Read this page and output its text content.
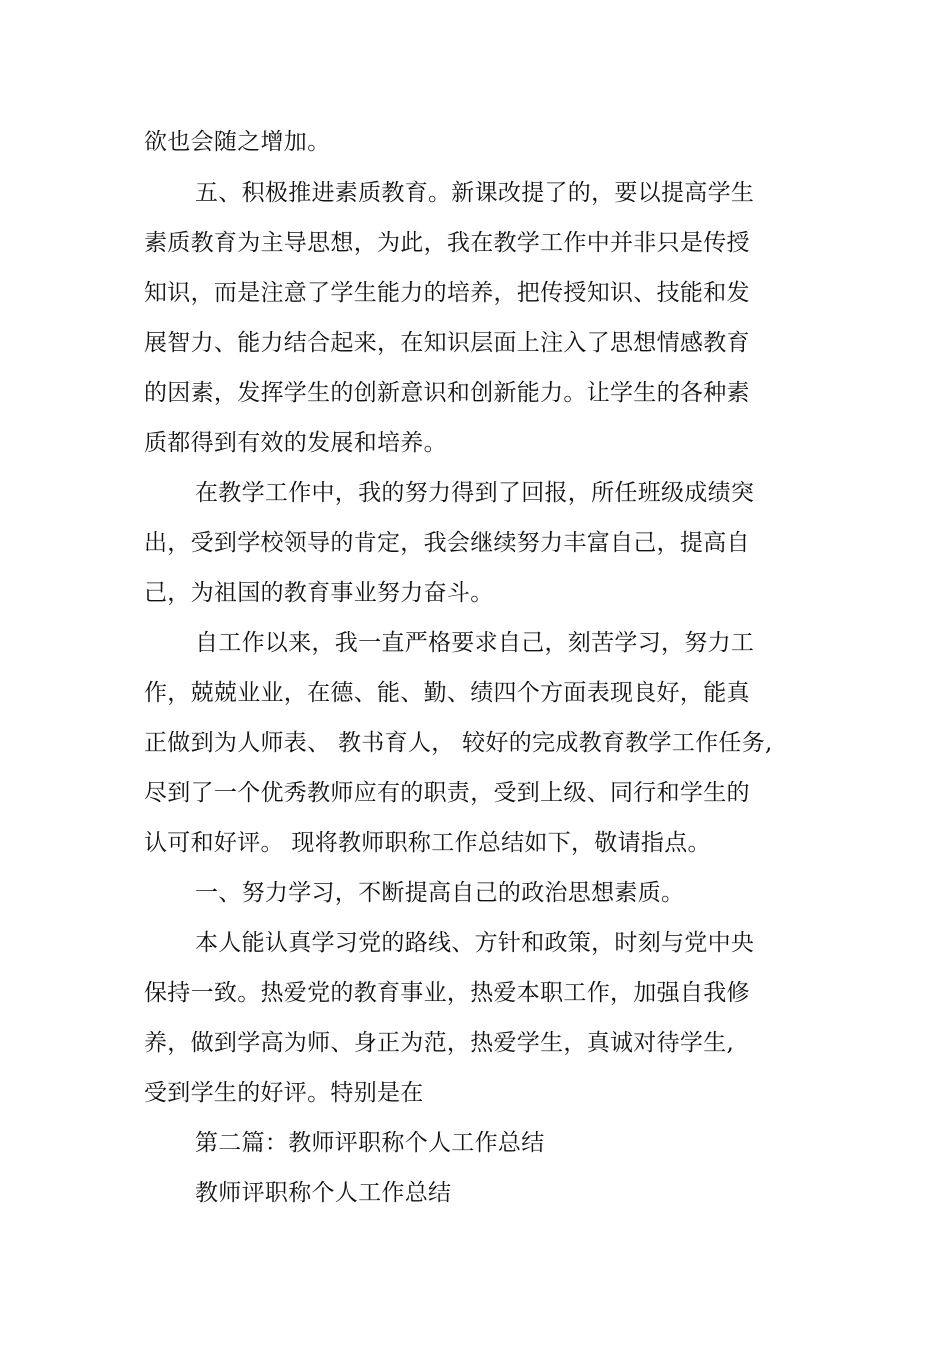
欲也会随之增加。
五、积极推进素质教育。新课改提了的，要以提高学生
素质教育为主导思想，为此，我在教学工作中并非只是传授
知识，而是注意了学生能力的培养，把传授知识、技能和发
展智力、能力结合起来，在知识层面上注入了思想情感教育
的因素，发挥学生的创新意识和创新能力。让学生的各种素
质都得到有效的发展和培养。
在教学工作中，我的努力得到了回报，所任班级成绩突
出，受到学校领导的肯定，我会继续努力丰富自己，提高自
己，为祖国的教育事业努力奋斗。
自工作以来，我一直严格要求自己，刻苦学习，努力工
作，兢兢业业，在德、能、勤、绩四个方面表现良好，能真
正做到为人师表、 教书育人， 较好的完成教育教学工作任务,
尽到了一个优秀教师应有的职责，受到上级、同行和学生的
认可和好评。 现将教师职称工作总结如下，敬请指点。
一、努力学习，不断提高自己的政治思想素质。
本人能认真学习党的路线、方针和政策，时刻与党中央
保持一致。热爱党的教育事业，热爱本职工作，加强自我修
养，做到学高为师、身正为范，热爱学生，真诚对待学生,
受到学生的好评。特别是在
第二篇：教师评职称个人工作总结
教师评职称个人工作总结
